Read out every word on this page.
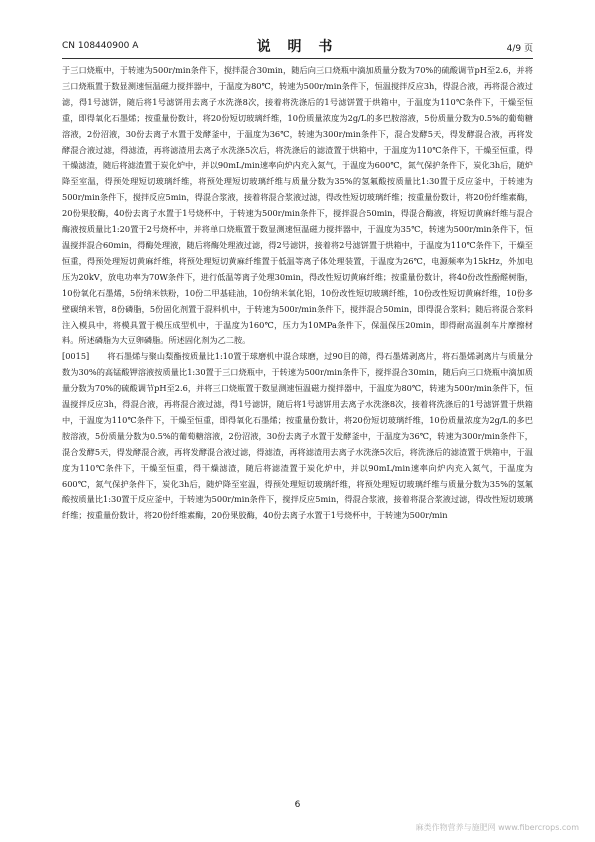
CN 108440900 A	说 明 书	4/9 页

于三口烧瓶中，于转速为500r/min条件下，搅拌混合30min，随后向三口烧瓶中滴加质量分数为70%的硫酸调节pH至2.6，并将三口烧瓶置于数显测速恒温磁力搅拌器中，于温度为80℃，转速为500r/min条件下，恒温搅拌反应3h，得混合液，再将混合液过滤，得1号滤饼，随后将1号滤饼用去离子水洗涤8次，接着将洗涤后的1号滤饼置于烘箱中，于温度为110℃条件下，干燥至恒重，即得氧化石墨烯；按重量份数计，将20份短切玻璃纤维，10份质量浓度为2g/L的多巴胺溶液，5份质量分数为0.5%的葡萄糖溶液，2份沼液，30份去离子水置于发酵釜中，于温度为36℃，转速为300r/min条件下，混合发酵5天，得发酵混合液，再将发酵混合液过滤，得滤渣，再将滤渣用去离子水洗涤5次后，将洗涤后的滤渣置于烘箱中，于温度为110℃条件下，干燥至恒重，得干燥滤渣，随后将滤渣置于炭化炉中，并以90mL/min速率向炉内充入氮气，于温度为600℃，氮气保护条件下，炭化3h后，随炉降至室温，得预处理短切玻璃纤维，将预处理短切玻璃纤维与质量分数为35%的氢氟酸按质量比1:30置于反应釜中，于转速为500r/min条件下，搅拌反应5min，得混合浆液，接着将混合浆液过滤，得改性短切玻璃纤维；按重量份数计，将20份纤维素酶，20份果胶酶，40份去离子水置于1号烧杯中，于转速为500r/min条件下，搅拌混合50min，得混合酶液，将短切黄麻纤维与混合酶液按质量比1:20置于2号烧杯中，并将单口烧瓶置于数显测速恒温磁力搅拌器中，于温度为35℃，转速为500r/min条件下，恒温搅拌混合60min，得酶处理液，随后将酶处理液过滤，得2号滤饼，接着将2号滤饼置于烘箱中，于温度为110℃条件下，干燥至恒重，得预处理短切黄麻纤维，将预处理短切黄麻纤维置于低温等离子体处理装置，于温度为26℃，电源频率为15kHz，外加电压为20kV，放电功率为70W条件下，进行低温等离子处理30min，得改性短切黄麻纤维；按重量份数计，将40份改性酚醛树脂，10份氧化石墨烯，5份纳米铁粉，10份二甲基硅油，10份纳米氧化铝，10份改性短切玻璃纤维，10份改性短切黄麻纤维，10份多壁碳纳米管，8份磷脂，5份固化剂置于混料机中，于转速为500r/min条件下，搅拌混合50min，即得混合浆料；随后将混合浆料注入模具中，将模具置于模压成型机中，于温度为160℃，压力为10MPa条件下，保温保压20min，即得耐高温刹车片摩擦材料。所述磷脂为大豆卵磷脂。所述固化剂为乙二胺。

[0015] 将石墨烯与聚山梨酯按质量比1:10置于球磨机中混合球磨，过90目的筛，得石墨烯剥离片，将石墨烯剥离片与质量分数为30%的高锰酸钾溶液按质量比1:30置于三口烧瓶中，于转速为500r/min条件下，搅拌混合30min，随后向三口烧瓶中滴加质量分数为70%的硫酸调节pH至2.6，并将三口烧瓶置于数显测速恒温磁力搅拌器中，于温度为80℃，转速为500r/min条件下，恒温搅拌反应3h，得混合液，再将混合液过滤，得1号滤饼，随后将1号滤饼用去离子水洗涤8次，接着将洗涤后的1号滤饼置于烘箱中，于温度为110℃条件下，干燥至恒重，即得氧化石墨烯；按重量份数计，将20份短切玻璃纤维，10份质量浓度为2g/L的多巴胺溶液，5份质量分数为0.5%的葡萄糖溶液，2份沼液，30份去离子水置于发酵釜中，于温度为36℃，转速为300r/min条件下，混合发酵5天，得发酵混合液，再将发酵混合液过滤，得滤渣，再将滤渣用去离子水洗涤5次后，将洗涤后的滤渣置于烘箱中，于温度为110℃条件下，干燥至恒重，得干燥滤渣，随后将滤渣置于炭化炉中，并以90mL/min速率向炉内充入氮气，于温度为600℃，氮气保护条件下，炭化3h后，随炉降至室温，得预处理短切玻璃纤维，将预处理短切玻璃纤维与质量分数为35%的氢氟酸按质量比1:30置于反应釜中，于转速为500r/min条件下，搅拌反应5min，得混合浆液，接着将混合浆液过滤，得改性短切玻璃纤维；按重量份数计，将20份纤维素酶，20份果胶酶，40份去离子水置于1号烧杯中，于转速为500r/min

6
麻类作物营养与施肥网 www.fibercrops.com
